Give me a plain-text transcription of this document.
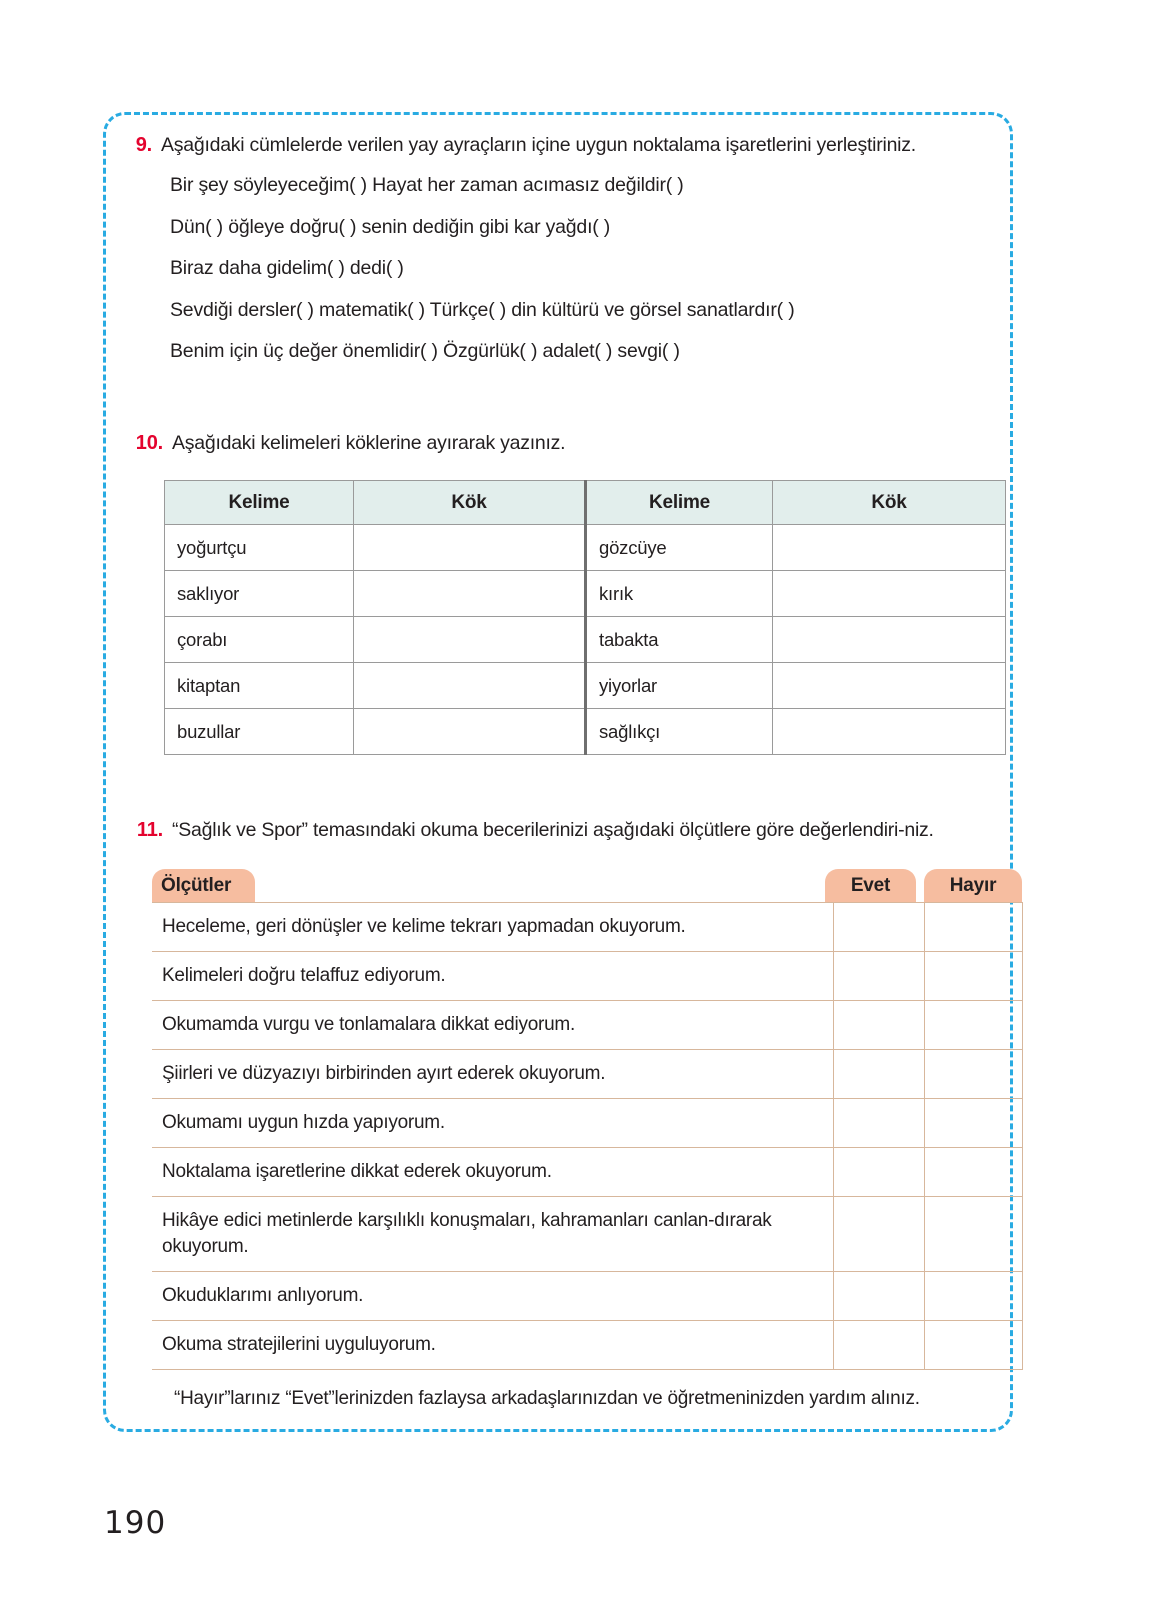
9. Aşağıdaki cümlelerde verilen yay ayraçların içine uygun noktalama işaretlerini yerleştiriniz.
Bir şey söyleyeceğim( ) Hayat her zaman acımasız değildir( )
Dün( ) öğleye doğru( ) senin dediğin gibi kar yağdı( )
Biraz daha gidelim( ) dedi( )
Sevdiği dersler( ) matematik( ) Türkçe( ) din kültürü ve görsel sanatlardır( )
Benim için üç değer önemlidir( ) Özgürlük( ) adalet( ) sevgi( )
10. Aşağıdaki kelimeleri köklerine ayırarak yazınız.
Kelime	Kök	Kelime	Kök
yoğurtçu		gözcüye	
saklıyor		kırık	
çorabı		tabakta	
kitaptan		yiyorlar	
buzullar		sağlıkçı	
11. “Sağlık ve Spor” temasındaki okuma becerilerinizi aşağıdaki ölçütlere göre değerlendiri-niz.
Ölçütler	Evet	Hayır
Heceleme, geri dönüşler ve kelime tekrarı yapmadan okuyorum.		
Kelimeleri doğru telaffuz ediyorum.		
Okumamda vurgu ve tonlamalara dikkat ediyorum.		
Şiirleri ve düzyazıyı birbirinden ayırt ederek okuyorum.		
Okumamı uygun hızda yapıyorum.		
Noktalama işaretlerine dikkat ederek okuyorum.		
Hikâye edici metinlerde karşılıklı konuşmaları, kahramanları canlan-dırarak okuyorum.		
Okuduklarımı anlıyorum.		
Okuma stratejilerini uyguluyorum.		
“Hayır”larınız “Evet”lerinizden fazlaysa arkadaşlarınızdan ve öğretmeninizden yardım alınız.
190
